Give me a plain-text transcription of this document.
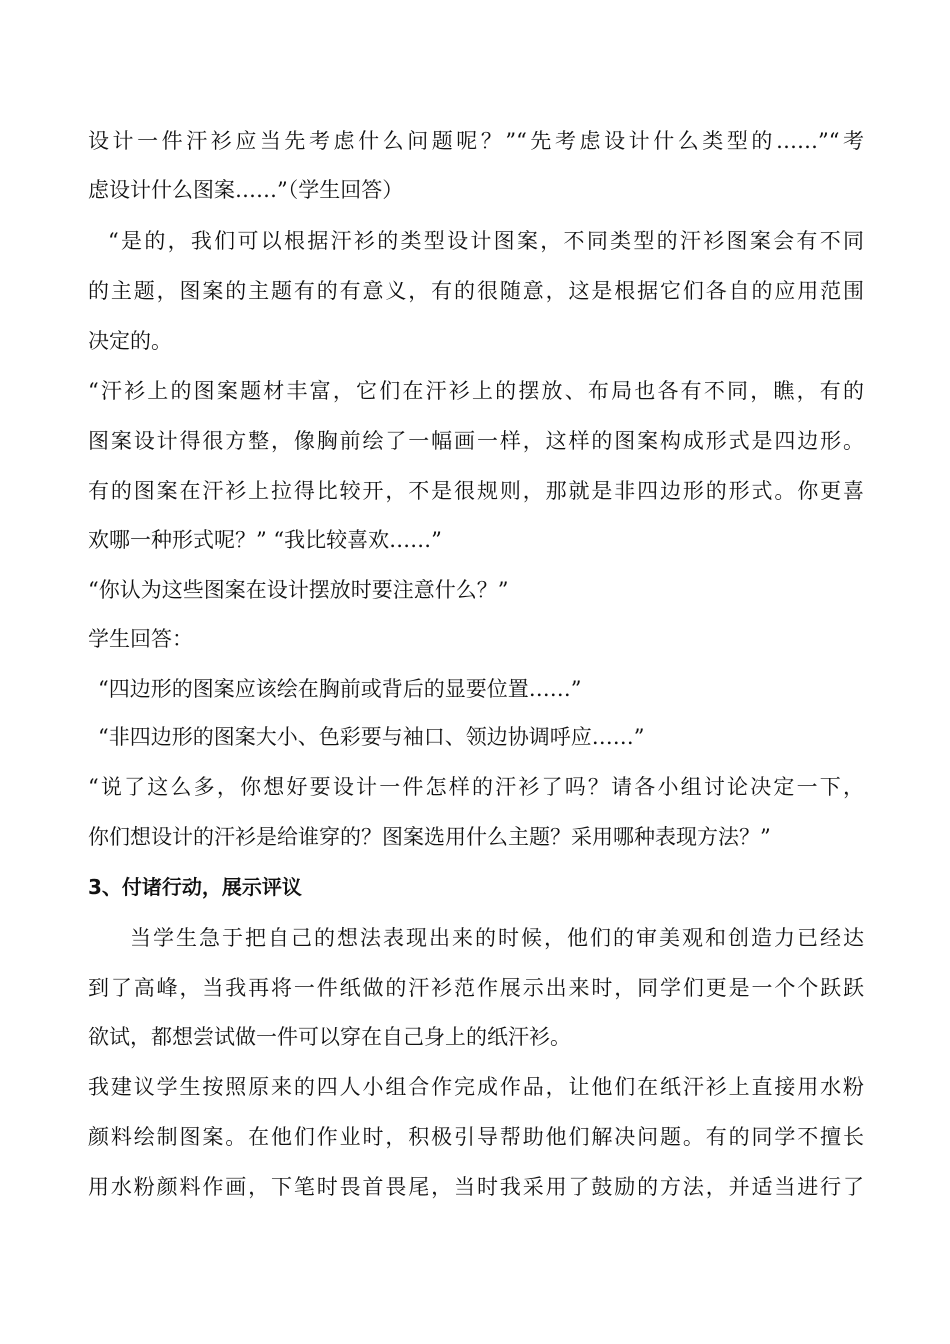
设计一件汗衫应当先考虑什么问题呢？”“先考虑设计什么类型的……”“考
虑设计什么图案……”（学生回答）
“是的，我们可以根据汗衫的类型设计图案，不同类型的汗衫图案会有不同
的主题，图案的主题有的有意义，有的很随意，这是根据它们各自的应用范围
决定的。
“汗衫上的图案题材丰富，它们在汗衫上的摆放、布局也各有不同，瞧，有的
图案设计得很方整，像胸前绘了一幅画一样，这样的图案构成形式是四边形。
有的图案在汗衫上拉得比较开，不是很规则，那就是非四边形的形式。你更喜
欢哪一种形式呢？” “我比较喜欢……”
“你认为这些图案在设计摆放时要注意什么？”
学生回答：
“四边形的图案应该绘在胸前或背后的显要位置……”
“非四边形的图案大小、色彩要与袖口、领边协调呼应……”
“说了这么多，你想好要设计一件怎样的汗衫了吗？请各小组讨论决定一下，
你们想设计的汗衫是给谁穿的？图案选用什么主题？采用哪种表现方法？”
3、付诸行动，展示评议
当学生急于把自己的想法表现出来的时候，他们的审美观和创造力已经达
到了高峰，当我再将一件纸做的汗衫范作展示出来时，同学们更是一个个跃跃
欲试，都想尝试做一件可以穿在自己身上的纸汗衫。
我建议学生按照原来的四人小组合作完成作品，让他们在纸汗衫上直接用水粉
颜料绘制图案。在他们作业时，积极引导帮助他们解决问题。有的同学不擅长
用水粉颜料作画，下笔时畏首畏尾，当时我采用了鼓励的方法，并适当进行了
